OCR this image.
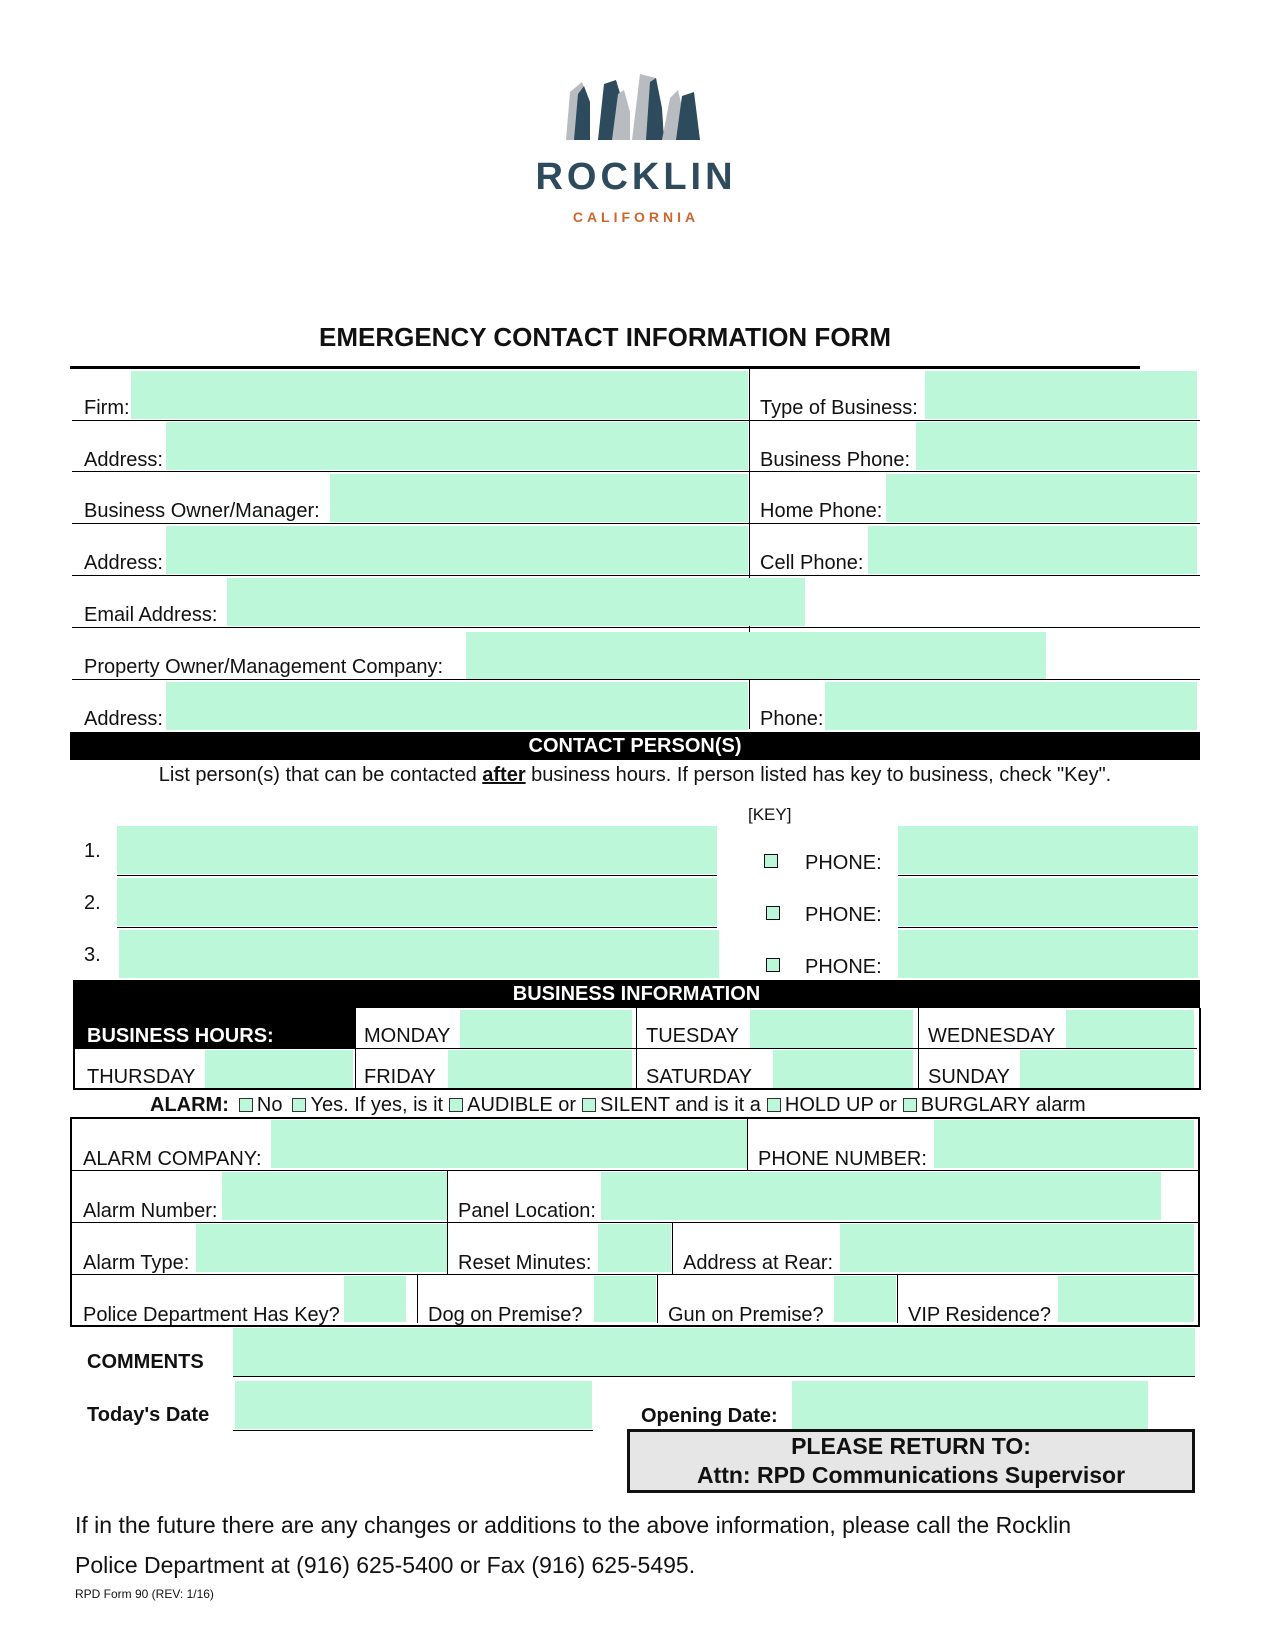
ROCKLIN
CALIFORNIA
EMERGENCY CONTACT INFORMATION FORM
Firm:	Type of Business:
Address:	Business Phone:
Business Owner/Manager:	Home Phone:
Address:	Cell Phone:
Email Address:
Property Owner/Management Company:
Address:	Phone:
CONTACT PERSON(S)
List person(s) that can be contacted after business hours. If person listed has key to business, check "Key".
[KEY]
1.
PHONE:
2.
PHONE:
3.
PHONE:
BUSINESS INFORMATION
BUSINESS HOURS:	MONDAY	TUESDAY	WEDNESDAY
THURSDAY	FRIDAY	SATURDAY	SUNDAY
ALARM: No Yes. If yes, is it AUDIBLE or SILENT and is it a HOLD UP or BURGLARY alarm
ALARM COMPANY:	PHONE NUMBER:
Alarm Number:	Panel Location:
Alarm Type:	Reset Minutes:	Address at Rear:
Police Department Has Key?	Dog on Premise?	Gun on Premise?	VIP Residence?
COMMENTS
Today's Date	Opening Date:
PLEASE RETURN TO:
Attn: RPD Communications Supervisor
If in the future there are any changes or additions to the above information, please call the Rocklin
Police Department at (916) 625-5400 or Fax (916) 625-5495.
RPD Form 90 (REV: 1/16)
